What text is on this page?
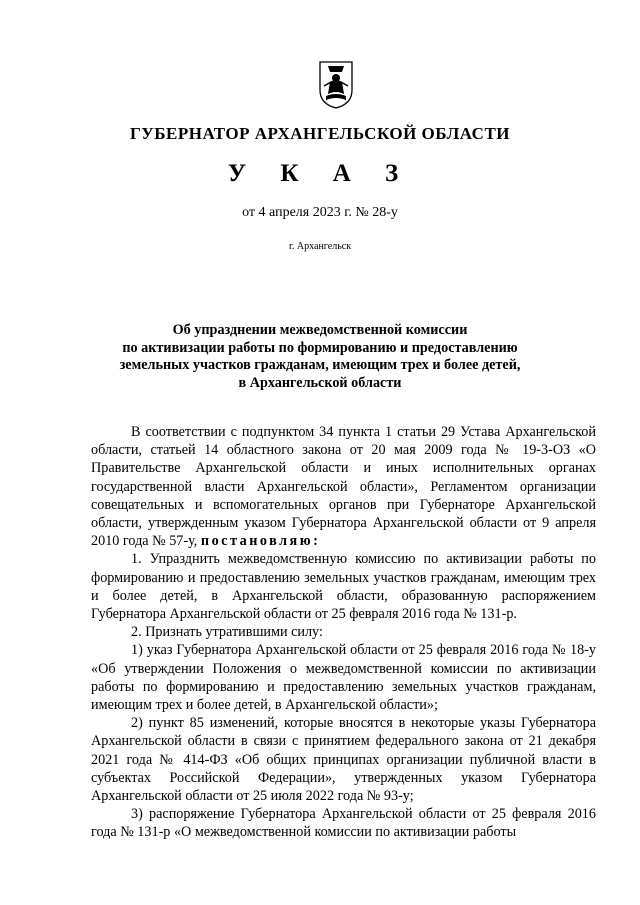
ГУБЕРНАТОР АРХАНГЕЛЬСКОЙ ОБЛАСТИ
У К А З
от 4 апреля 2023 г. № 28-у
г. Архангельск
Об упразднении межведомственной комиссии
по активизации работы по формированию и предоставлению
земельных участков гражданам, имеющим трех и более детей,
в Архангельской области

В соответствии с подпунктом 34 пункта 1 статьи 29 Устава Архангельской области, статьей 14 областного закона от 20 мая 2009 года № 19-3-ОЗ «О Правительстве Архангельской области и иных исполнительных органах государственной власти Архангельской области», Регламентом организации совещательных и вспомогательных органов при Губернаторе Архангельской области, утвержденным указом Губернатора Архангельской области от 9 апреля 2010 года № 57-у, постановляю:

1. Упразднить межведомственную комиссию по активизации работы по формированию и предоставлению земельных участков гражданам, имеющим трех и более детей, в Архангельской области, образованную распоряжением Губернатора Архангельской области от 25 февраля 2016 года № 131-р.

2. Признать утратившими силу:

1) указ Губернатора Архангельской области от 25 февраля 2016 года № 18-у «Об утверждении Положения о межведомственной комиссии по активизации работы по формированию и предоставлению земельных участков гражданам, имеющим трех и более детей, в Архангельской области»;

2) пункт 85 изменений, которые вносятся в некоторые указы Губернатора Архангельской области в связи с принятием федерального закона от 21 декабря 2021 года № 414-ФЗ «Об общих принципах организации публичной власти в субъектах Российской Федерации», утвержденных указом Губернатора Архангельской области от 25 июля 2022 года № 93-у;

3) распоряжение Губернатора Архангельской области от 25 февраля 2016 года № 131-р «О межведомственной комиссии по активизации работы
